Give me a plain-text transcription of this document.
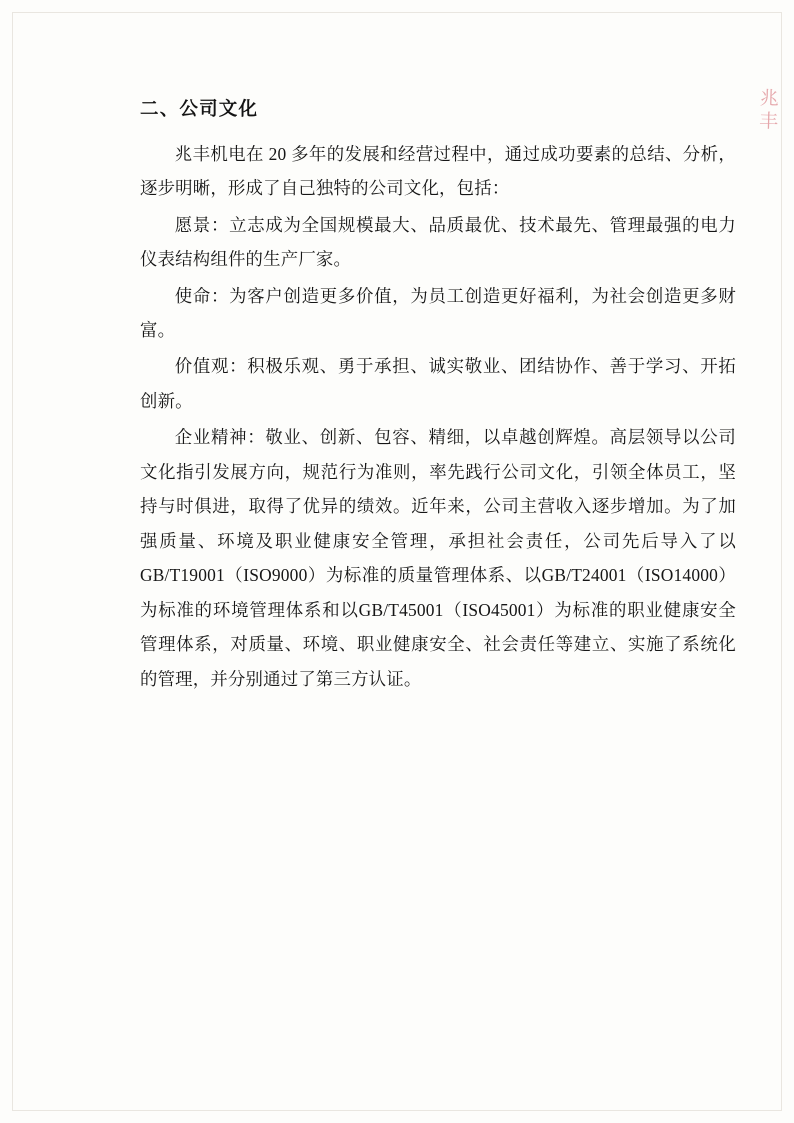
二、公司文化

兆丰机电在 20 多年的发展和经营过程中，通过成功要素的总结、分析，逐步明晰，形成了自己独特的公司文化，包括：

愿景：立志成为全国规模最大、品质最优、技术最先、管理最强的电力仪表结构组件的生产厂家。

使命：为客户创造更多价值，为员工创造更好福利，为社会创造更多财富。

价值观：积极乐观、勇于承担、诚实敬业、团结协作、善于学习、开拓创新。

企业精神：敬业、创新、包容、精细，以卓越创辉煌。高层领导以公司文化指引发展方向，规范行为准则，率先践行公司文化，引领全体员工，坚持与时俱进，取得了优异的绩效。近年来，公司主营收入逐步增加。为了加强质量、环境及职业健康安全管理，承担社会责任，公司先后导入了以GB/T19001（ISO9000）为标准的质量管理体系、以GB/T24001（ISO14000）为标准的环境管理体系和以GB/T45001（ISO45001）为标准的职业健康安全管理体系，对质量、环境、职业健康安全、社会责任等建立、实施了系统化的管理，并分别通过了第三方认证。

兆丰
